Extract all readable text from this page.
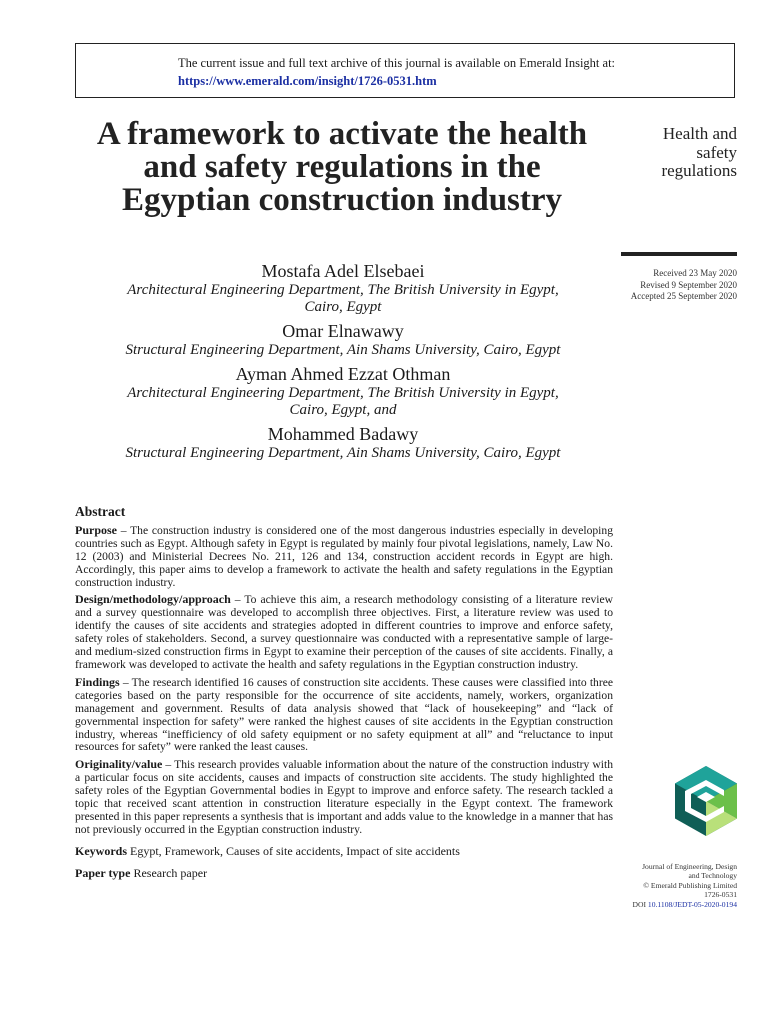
The current issue and full text archive of this journal is available on Emerald Insight at:
https://www.emerald.com/insight/1726-0531.htm
A framework to activate the health and safety regulations in the Egyptian construction industry
Health and
safety
regulations
Received 23 May 2020
Revised 9 September 2020
Accepted 25 September 2020
Mostafa Adel Elsebaei
Architectural Engineering Department, The British University in Egypt,
Cairo, Egypt
Omar Elnawawy
Structural Engineering Department, Ain Shams University, Cairo, Egypt
Ayman Ahmed Ezzat Othman
Architectural Engineering Department, The British University in Egypt,
Cairo, Egypt, and
Mohammed Badawy
Structural Engineering Department, Ain Shams University, Cairo, Egypt
Abstract

Purpose – The construction industry is considered one of the most dangerous industries especially in developing countries such as Egypt. Although safety in Egypt is regulated by mainly four pivotal legislations, namely, Law No. 12 (2003) and Ministerial Decrees No. 211, 126 and 134, construction accident records in Egypt are high. Accordingly, this paper aims to develop a framework to activate the health and safety regulations in the Egyptian construction industry.

Design/methodology/approach – To achieve this aim, a research methodology consisting of a literature review and a survey questionnaire was developed to accomplish three objectives. First, a literature review was used to identify the causes of site accidents and strategies adopted in different countries to improve and enforce safety, safety roles of stakeholders. Second, a survey questionnaire was conducted with a representative sample of large- and medium-sized construction firms in Egypt to examine their perception of the causes of site accidents. Finally, a framework was developed to activate the health and safety regulations in the Egyptian construction industry.

Findings – The research identified 16 causes of construction site accidents. These causes were classified into three categories based on the party responsible for the occurrence of site accidents, namely, workers, organization management and government. Results of data analysis showed that “lack of housekeeping” and “lack of governmental inspection for safety” were ranked the highest causes of site accidents in the Egyptian construction industry, whereas “inefficiency of old safety equipment or no safety equipment at all” and “reluctance to input resources for safety” were ranked the least causes.

Originality/value – This research provides valuable information about the nature of the construction industry with a particular focus on site accidents, causes and impacts of construction site accidents. The study highlighted the safety roles of the Egyptian Governmental bodies in Egypt to improve and enforce safety. The research tackled a topic that received scant attention in construction literature especially in the Egypt context. The framework presented in this paper represents a synthesis that is important and adds value to the knowledge in a manner that has not previously occurred in the Egyptian construction industry.

Keywords Egypt, Framework, Causes of site accidents, Impact of site accidents

Paper type Research paper	Journal of Engineering, Design
and Technology
© Emerald Publishing Limited
1726-0531
DOI 10.1108/JEDT-05-2020-0194
